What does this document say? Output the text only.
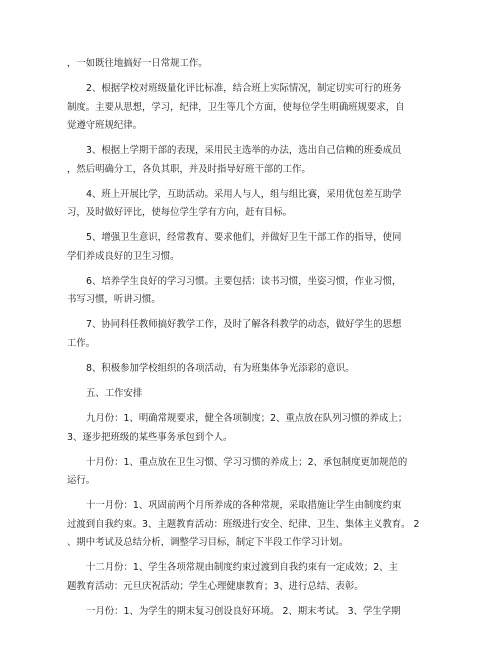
，一如既往地搞好一日常规工作。

2、根据学校对班级量化评比标准，结合班上实际情况，制定切实可行的班务

制度。主要从思想，学习，纪律，卫生等几个方面，使每位学生明确班规要求，自
觉遵守班规纪律。

3、根据上学期干部的表现，采用民主选举的办法，选出自己信赖的班委成员

，然后明确分工，各负其职，并及时指导好班干部的工作。

4、班上开展比学，互助活动。采用人与人，组与组比赛，采用优包差互助学

习，及时做好评比，使每位学生学有方向，赶有目标。

5、增强卫生意识，经常教育、要求他们，并做好卫生干部工作的指导，使同

学们养成良好的卫生习惯。

6、培养学生良好的学习习惯。主要包括：读书习惯，坐姿习惯，作业习惯，

书写习惯，听讲习惯。

7、协同科任教师搞好教学工作，及时了解各科教学的动态，做好学生的思想

工作。

8、积极参加学校组织的各项活动，有为班集体争光添彩的意识。

五、工作安排

九月份：1、明确常规要求，健全各项制度；2、重点放在队列习惯的养成上；

3、逐步把班级的某些事务承包到个人。

十月份：1、重点放在卫生习惯、学习习惯的养成上；2、承包制度更加规范的

运行。

十一月份：1、巩固前两个月所养成的各种常规，采取措施让学生由制度约束

过渡到自我约束。3、主题教育活动：班级进行安全、纪律、卫生、集体主义教育。 2
、期中考试及总结分析，调整学习目标，制定下半段工作学习计划。

十二月份：1、学生各项常规由制度约束过渡到自我约束有一定成效；2、主

题教育活动：元旦庆祝活动；学生心理健康教育；3、进行总结、表彰。

一月份：1、为学生的期末复习创设良好环境。 2、期末考试。 3、学生学期
